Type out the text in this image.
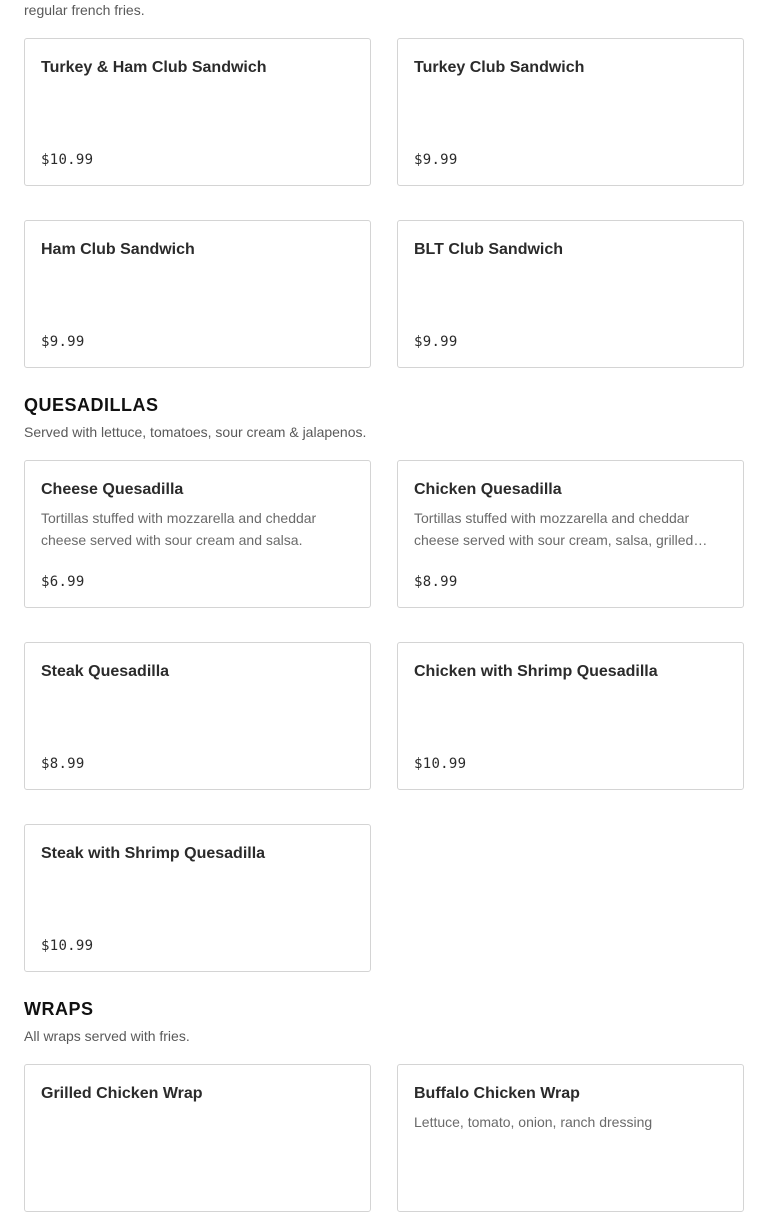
regular french fries.
Turkey & Ham Club Sandwich
$10.99
Turkey Club Sandwich
$9.99
Ham Club Sandwich
$9.99
BLT Club Sandwich
$9.99
QUESADILLAS
Served with lettuce, tomatoes, sour cream & jalapenos.
Cheese Quesadilla
Tortillas stuffed with mozzarella and cheddar cheese served with sour cream and salsa.
$6.99
Chicken Quesadilla
Tortillas stuffed with mozzarella and cheddar cheese served with sour cream, salsa, grilled…
$8.99
Steak Quesadilla
$8.99
Chicken with Shrimp Quesadilla
$10.99
Steak with Shrimp Quesadilla
$10.99
WRAPS
All wraps served with fries.
Grilled Chicken Wrap	Buffalo Chicken Wrap
Lettuce, tomato, onion, ranch dressing
